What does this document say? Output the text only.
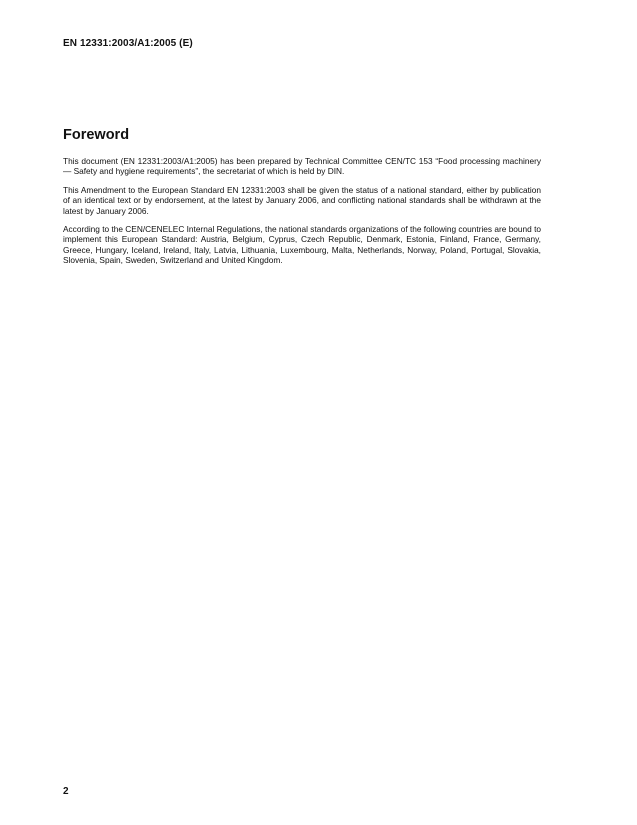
EN 12331:2003/A1:2005 (E)
Foreword

This document (EN 12331:2003/A1:2005) has been prepared by Technical Committee CEN/TC 153 “Food processing machinery — Safety and hygiene requirements”, the secretariat of which is held by DIN.

This Amendment to the European Standard EN 12331:2003 shall be given the status of a national standard, either by publication of an identical text or by endorsement, at the latest by January 2006, and conflicting national standards shall be withdrawn at the latest by January 2006.

According to the CEN/CENELEC Internal Regulations, the national standards organizations of the following countries are bound to implement this European Standard: Austria, Belgium, Cyprus, Czech Republic, Denmark, Estonia, Finland, France, Germany, Greece, Hungary, Iceland, Ireland, Italy, Latvia, Lithuania, Luxembourg, Malta, Netherlands, Norway, Poland, Portugal, Slovakia, Slovenia, Spain, Sweden, Switzerland and United Kingdom.

2
